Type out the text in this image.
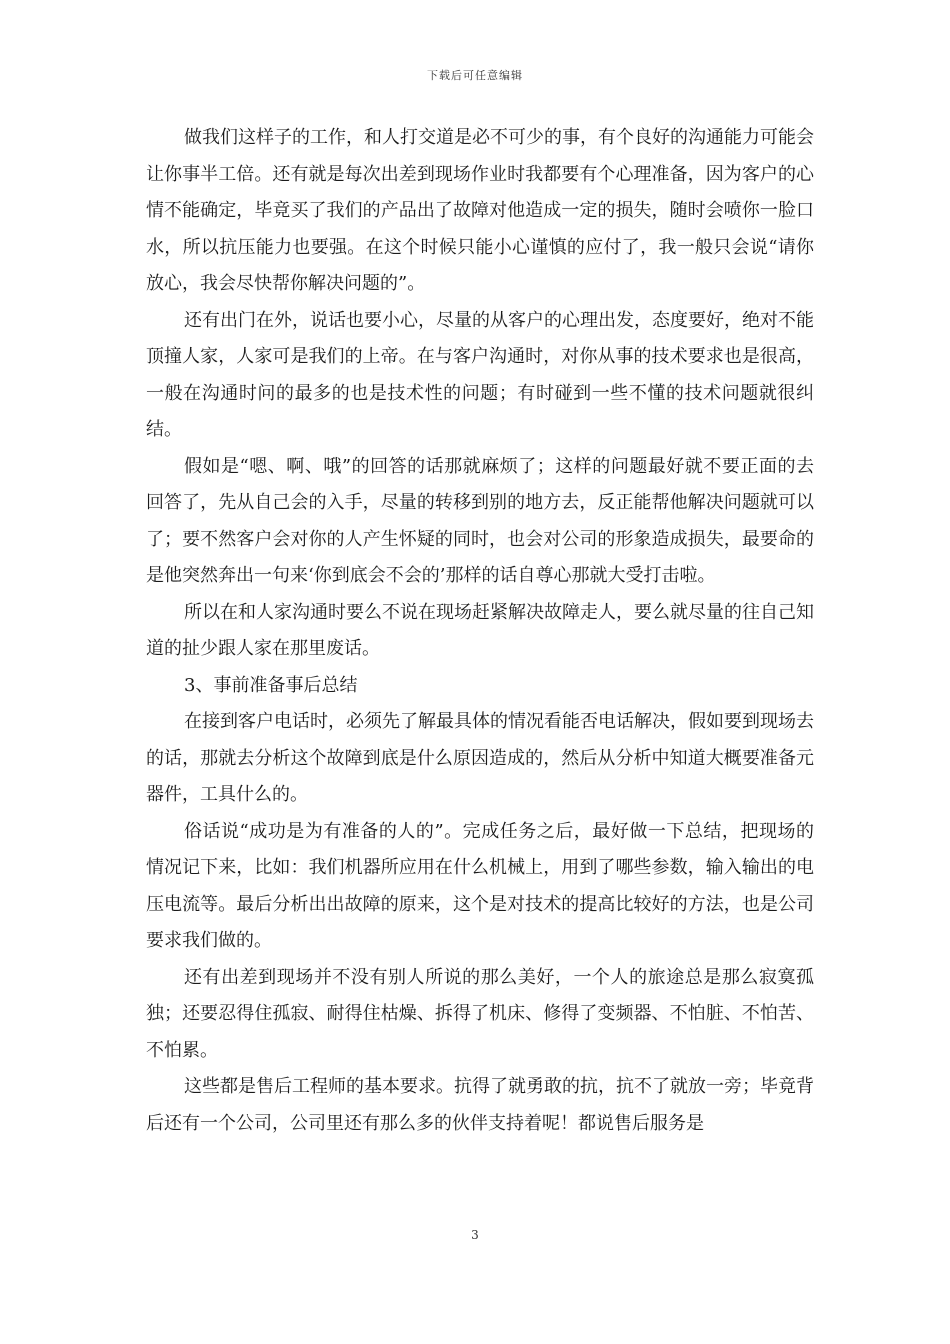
下载后可任意编辑

做我们这样子的工作，和人打交道是必不可少的事，有个良好的沟通能力可能会让你事半工倍。还有就是每次出差到现场作业时我都要有个心理准备，因为客户的心情不能确定，毕竟买了我们的产品出了故障对他造成一定的损失，随时会喷你一脸口水，所以抗压能力也要强。在这个时候只能小心谨慎的应付了，我一般只会说“请你放心，我会尽快帮你解决问题的”。

还有出门在外，说话也要小心，尽量的从客户的心理出发，态度要好，绝对不能顶撞人家，人家可是我们的上帝。在与客户沟通时，对你从事的技术要求也是很高，一般在沟通时问的最多的也是技术性的问题；有时碰到一些不懂的技术问题就很纠结。

假如是“嗯、啊、哦”的回答的话那就麻烦了；这样的问题最好就不要正面的去回答了，先从自己会的入手，尽量的转移到别的地方去，反正能帮他解决问题就可以了；要不然客户会对你的人产生怀疑的同时，也会对公司的形象造成损失，最要命的是他突然奔出一句来‘你到底会不会的’那样的话自尊心那就大受打击啦。

所以在和人家沟通时要么不说在现场赶紧解决故障走人，要么就尽量的往自己知道的扯少跟人家在那里废话。

3、事前准备事后总结

在接到客户电话时，必须先了解最具体的情况看能否电话解决，假如要到现场去的话，那就去分析这个故障到底是什么原因造成的，然后从分析中知道大概要准备元器件，工具什么的。

俗话说“成功是为有准备的人的”。完成任务之后，最好做一下总结，把现场的情况记下来，比如：我们机器所应用在什么机械上，用到了哪些参数，输入输出的电压电流等。最后分析出出故障的原来，这个是对技术的提高比较好的方法，也是公司要求我们做的。

还有出差到现场并不没有别人所说的那么美好，一个人的旅途总是那么寂寞孤独；还要忍得住孤寂、耐得住枯燥、拆得了机床、修得了变频器、不怕脏、不怕苦、不怕累。

这些都是售后工程师的基本要求。抗得了就勇敢的抗，抗不了就放一旁；毕竟背后还有一个公司，公司里还有那么多的伙伴支持着呢！都说售后服务是

3
